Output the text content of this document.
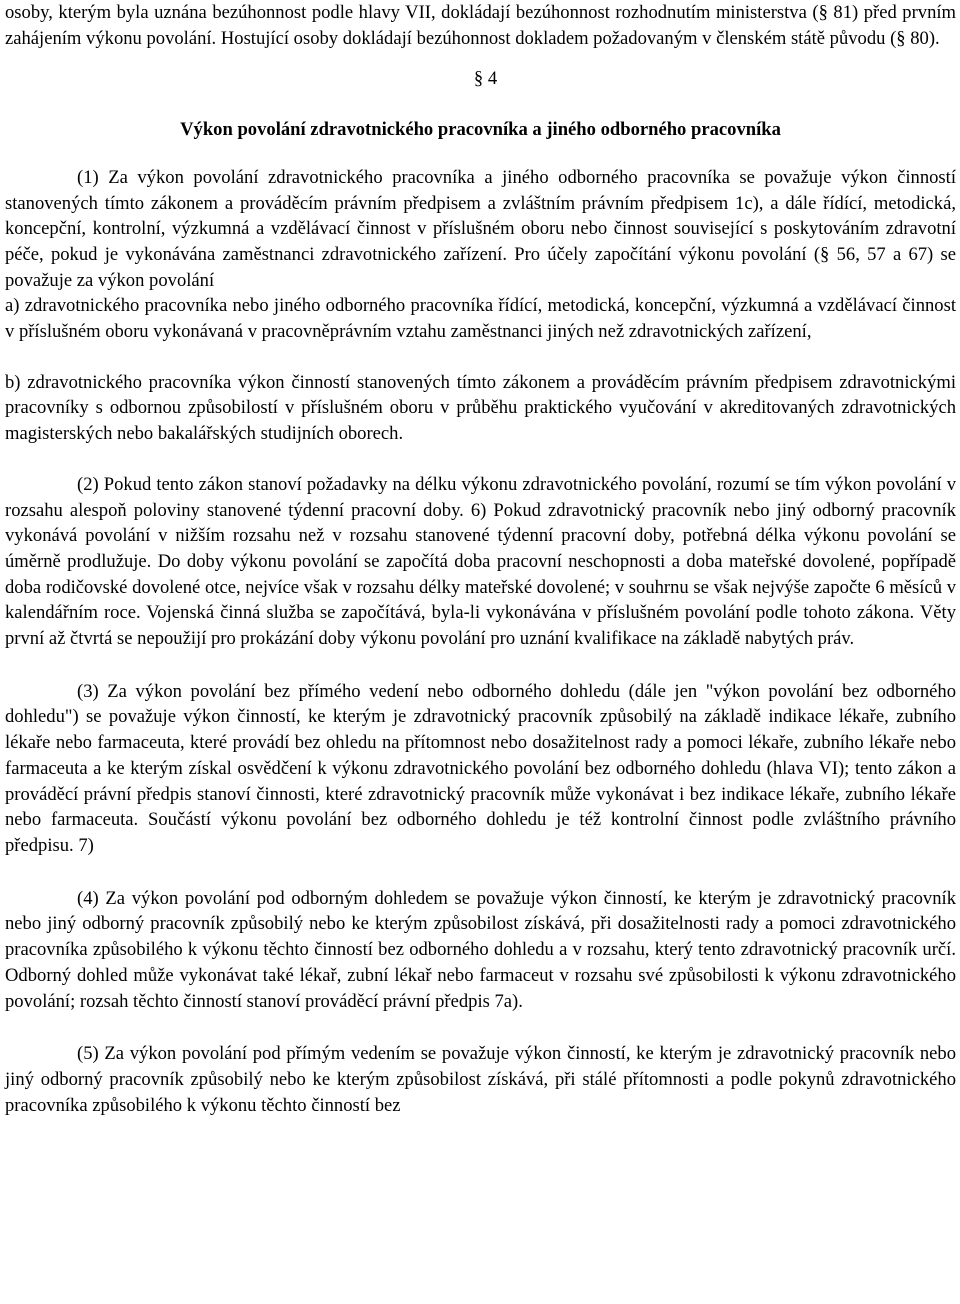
osoby, kterým byla uznána bezúhonnost podle hlavy VII, dokládají bezúhonnost rozhodnutím ministerstva (§ 81) před prvním zahájením výkonu povolání. Hostující osoby dokládají bezúhonnost dokladem požadovaným v členském státě původu (§ 80).

§ 4

Výkon povolání zdravotnického pracovníka a jiného odborného pracovníka

(1) Za výkon povolání zdravotnického pracovníka a jiného odborného pracovníka se považuje výkon činností stanovených tímto zákonem a prováděcím právním předpisem a zvláštním právním předpisem 1c), a dále řídící, metodická, koncepční, kontrolní, výzkumná a vzdělávací činnost v příslušném oboru nebo činnost související s poskytováním zdravotní péče, pokud je vykonávána zaměstnanci zdravotnického zařízení. Pro účely započítání výkonu povolání (§ 56, 57 a 67) se považuje za výkon povolání

a) zdravotnického pracovníka nebo jiného odborného pracovníka řídící, metodická, koncepční, výzkumná a vzdělávací činnost v příslušném oboru vykonávaná v pracovněprávním vztahu zaměstnanci jiných než zdravotnických zařízení,

b) zdravotnického pracovníka výkon činností stanovených tímto zákonem a prováděcím právním předpisem zdravotnickými pracovníky s odbornou způsobilostí v příslušném oboru v průběhu praktického vyučování v akreditovaných zdravotnických magisterských nebo bakalářských studijních oborech.

(2) Pokud tento zákon stanoví požadavky na délku výkonu zdravotnického povolání, rozumí se tím výkon povolání v rozsahu alespoň poloviny stanovené týdenní pracovní doby. 6) Pokud zdravotnický pracovník nebo jiný odborný pracovník vykonává povolání v nižším rozsahu než v rozsahu stanovené týdenní pracovní doby, potřebná délka výkonu povolání se úměrně prodlužuje. Do doby výkonu povolání se započítá doba pracovní neschopnosti a doba mateřské dovolené, popřípadě doba rodičovské dovolené otce, nejvíce však v rozsahu délky mateřské dovolené; v souhrnu se však nejvýše započte 6 měsíců v kalendářním roce. Vojenská činná služba se započítává, byla-li vykonávána v příslušném povolání podle tohoto zákona. Věty první až čtvrtá se nepoužijí pro prokázání doby výkonu povolání pro uznání kvalifikace na základě nabytých práv.

(3) Za výkon povolání bez přímého vedení nebo odborného dohledu (dále jen "výkon povolání bez odborného dohledu") se považuje výkon činností, ke kterým je zdravotnický pracovník způsobilý na základě indikace lékaře, zubního lékaře nebo farmaceuta, které provádí bez ohledu na přítomnost nebo dosažitelnost rady a pomoci lékaře, zubního lékaře nebo farmaceuta a ke kterým získal osvědčení k výkonu zdravotnického povolání bez odborného dohledu (hlava VI); tento zákon a prováděcí právní předpis stanoví činnosti, které zdravotnický pracovník může vykonávat i bez indikace lékaře, zubního lékaře nebo farmaceuta. Součástí výkonu povolání bez odborného dohledu je též kontrolní činnost podle zvláštního právního předpisu. 7)

(4) Za výkon povolání pod odborným dohledem se považuje výkon činností, ke kterým je zdravotnický pracovník nebo jiný odborný pracovník způsobilý nebo ke kterým způsobilost získává, při dosažitelnosti rady a pomoci zdravotnického pracovníka způsobilého k výkonu těchto činností bez odborného dohledu a v rozsahu, který tento zdravotnický pracovník určí. Odborný dohled může vykonávat také lékař, zubní lékař nebo farmaceut v rozsahu své způsobilosti k výkonu zdravotnického povolání; rozsah těchto činností stanoví prováděcí právní předpis 7a).

(5) Za výkon povolání pod přímým vedením se považuje výkon činností, ke kterým je zdravotnický pracovník nebo jiný odborný pracovník způsobilý nebo ke kterým způsobilost získává, při stálé přítomnosti a podle pokynů zdravotnického pracovníka způsobilého k výkonu těchto činností bez
